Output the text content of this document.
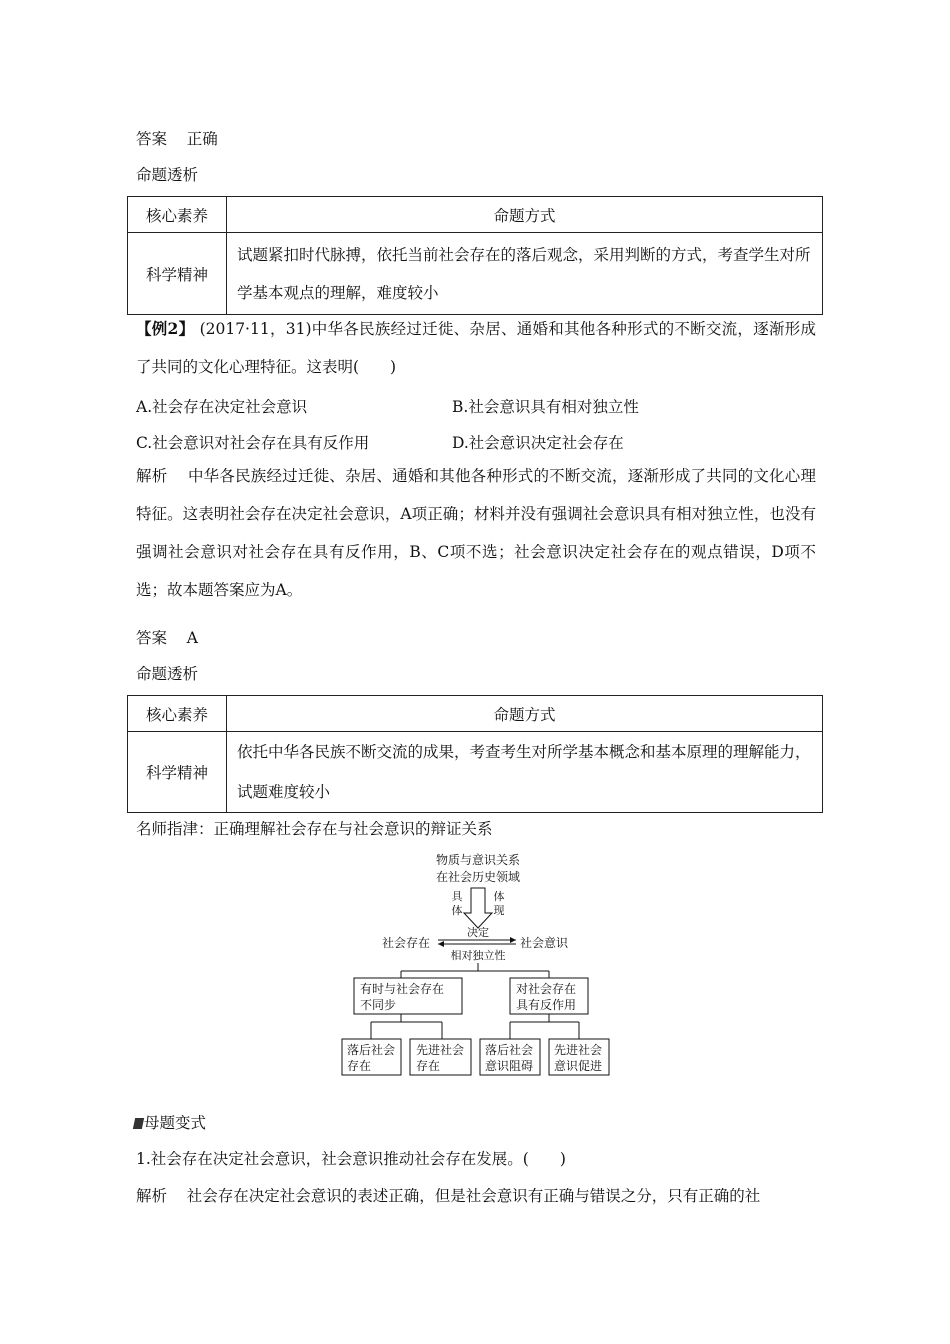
答案 正确
命题透析
核心素养	命题方式
科学精神	试题紧扣时代脉搏，依托当前社会存在的落后观念，采用判断的方式，考查学生对所学基本观点的理解，难度较小
【例2】 (2017·11，31)中华各民族经过迁徙、杂居、通婚和其他各种形式的不断交流，逐渐形成了共同的文化心理特征。这表明(　　)
A.社会存在决定社会意识	B.社会意识具有相对独立性
C.社会意识对社会存在具有反作用	D.社会意识决定社会存在
解析 中华各民族经过迁徙、杂居、通婚和其他各种形式的不断交流，逐渐形成了共同的文化心理特征。这表明社会存在决定社会意识，A项正确；材料并没有强调社会意识具有相对独立性，也没有强调社会意识对社会存在具有反作用，B、C项不选；社会意识决定社会存在的观点错误，D项不选；故本题答案应为A。
答案 A
命题透析
核心素养	命题方式
科学精神	依托中华各民族不断交流的成果，考查考生对所学基本概念和基本原理的理解能力，试题难度较小
名师指津：正确理解社会存在与社会意识的辩证关系
物质与意识关系
在社会历史领域
具
体
体
现
决定
社会存在	社会意识
相对独立性
有时与社会存在
不同步
对社会存在
具有反作用
落后社会
存在
先进社会
存在
落后社会
意识阻碍
先进社会
意识促进
母题变式
1.社会存在决定社会意识，社会意识推动社会存在发展。(　　)
解析 社会存在决定社会意识的表述正确，但是社会意识有正确与错误之分，只有正确的社
